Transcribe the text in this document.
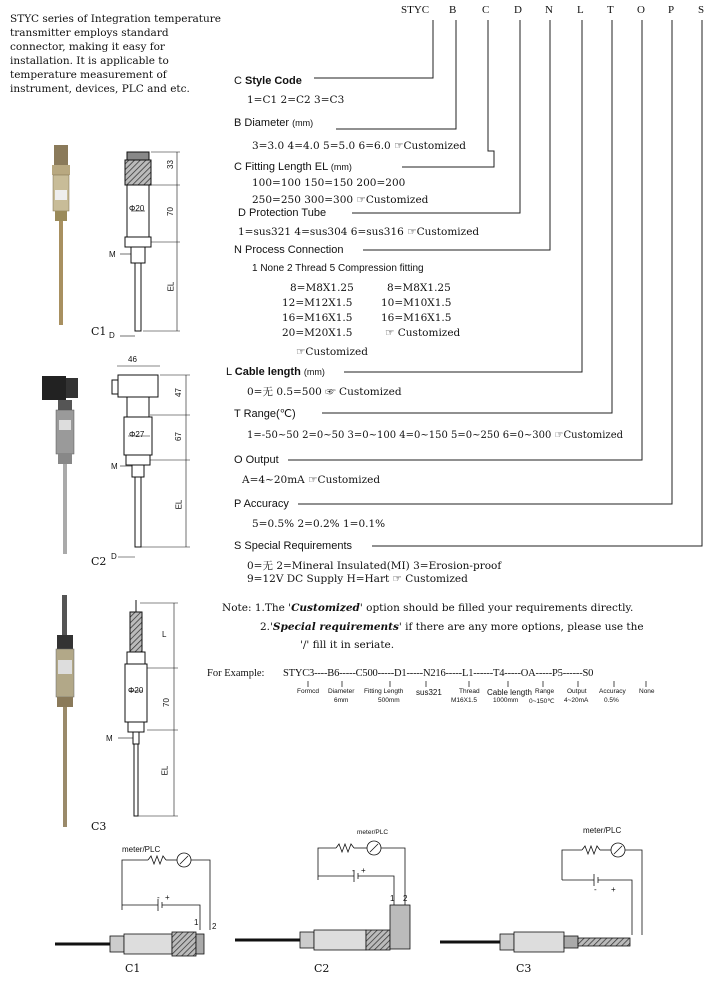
STYC series of Integration temperature transmitter employs standard connector, making it easy for installation. It is applicable to temperature measurement of instrument, devices, PLC and etc.
STYC B C D N L T O P S
C Style Code
1=C1 2=C2 3=C3
B Diameter (mm)
3=3.0 4=4.0 5=5.0 6=6.0 ☞Customized
C Fitting Length EL (mm)
100=100 150=150 200=200
250=250 300=300 ☞Customized
D Protection Tube
1=sus321 4=sus304 6=sus316 ☞Customized
N Process Connection
1 None 2 Thread 5 Compression fitting
8=M8X1.25
12=M12X1.5
16=M16X1.5
20=M20X1.5
8=M8X1.25
10=M10X1.5
16=M16X1.5
☞ Customized
☞Customized
L Cable length (mm)
0=无 0.5=500 ☞ Customized
T Range(℃)
1=-50~50 2=0~50 3=0~100 4=0~150 5=0~250 6=0~300 ☞Customized
O Output
A=4~20mA ☞Customized
P Accuracy
5=0.5% 2=0.2% 1=0.1%
S Special Requirements
0=无 2=Mineral Insulated(MI) 3=Erosion-proof
9=12V DC Supply H=Hart ☞ Customized
Note: 1.The 'Customized' option should be filled your requirements directly.
2.'Special requirements' if there are any more options, please use the
'/' fill it in seriate.
For Example: STYC3----B6-----C500-----D1-----N216-----L1------T4-----OA-----P5------S0
Formcd Diameter
6mm
Fitting Length
500mm
sus321	Thread
M16X1.5
Cable length
1000mm
Range
0~150℃
Output
4~20mA
Accuracy
0.5%
None
33
70
EL
Φ20
M
D
C1
46
47
67
EL
Φ27
M
D
C2
L
70
EL
Φ20
M
C3
meter/PLC
- +
1 2
C1
meter/PLC
- +
1 2
C2
meter/PLC
- +
C3
